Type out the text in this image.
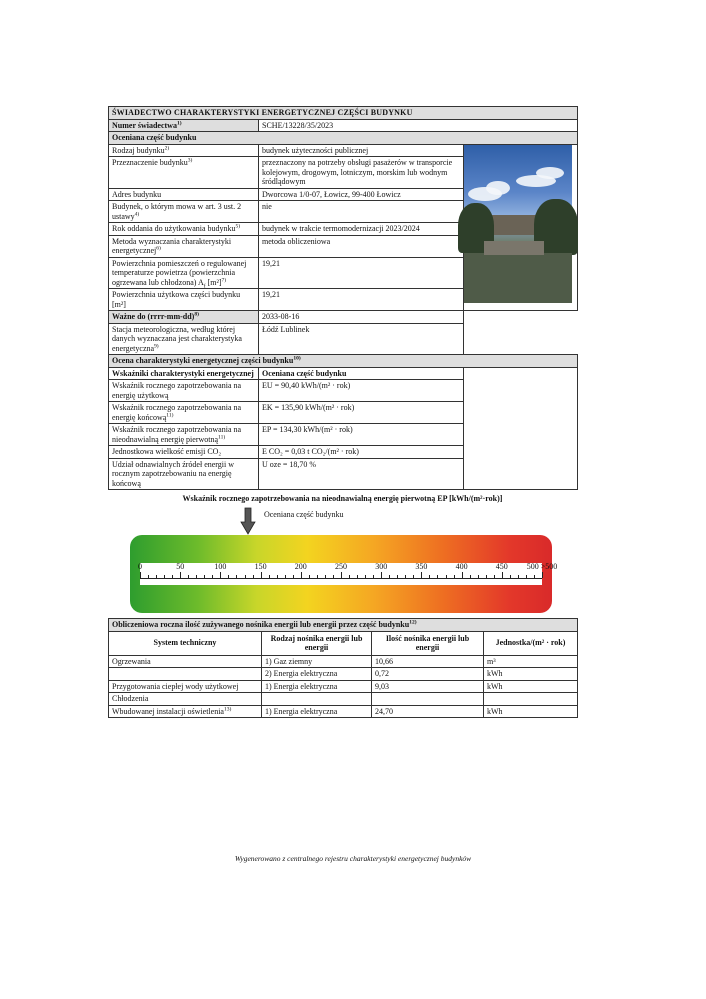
ŚWIADECTWO CHARAKTERYSTYKI ENERGETYCZNEJ CZĘŚCI BUDYNKU		
Numer świadectwa$^{1)}$	SCHE/13228/35/2023	
Oceniana część budynku		
Rodzaj budynku$^{2)}$	budynek użyteczności publicznej	

Przeznaczenie budynku$^{3)}$	przeznaczony na potrzeby obsługi pasażerów w transporcie kolejowym, drogowym, lotniczym, morskim lub wodnym śródlądowym	
Adres budynku	Dworcowa 1/0-07, Łowicz, 99-400 Łowicz	
Budynek, o którym mowa w art. 3 ust. 2 ustawy$^{4)}$	nie	
Rok oddania do użytkowania budynku$^{5)}$	budynek w trakcie termomodernizacji 2023/2024	
Metoda wyznaczania charakterystyki energetycznej$^{6)}$	metoda obliczeniowa	
Powierzchnia pomieszczeń o regulowanej temperaturze powietrza (powierzchnia ogrzewana lub chłodzona) $A_f$ $[m^2]^{7)}$	19,21	
Powierzchnia użytkowa części budynku [m²]	19,21	
Ważne do (rrrr-mm-dd)$^{8)}$	2033-08-16	
Stacja meteorologiczna, według której danych wyznaczana jest charakterystyka energetyczna$^{9)}$	Łódź Lublinek	
Ocena charakterystyki energetycznej części budynku$^{10)}$
Wskaźniki charakterystyki energetycznej	Oceniana część budynku	
Wskaźnik rocznego zapotrzebowania na energię użytkową	EU = 90,40 kWh/(m² · rok)	
Wskaźnik rocznego zapotrzebowania na energię końcową$^{11)}$	EK = 135,90 kWh/(m² · rok)	
Wskaźnik rocznego zapotrzebowania na nieodnawialną energię pierwotną$^{11)}$	EP = 134,30 kWh/(m² · rok)	
Jednostkowa wielkość emisji CO₂	E CO₂ = 0,03 t CO₂/(m² · rok)	
Udział odnawialnych źródeł energii w rocznym zapotrzebowaniu na energię końcową	U oze = 18,70 %	
Wskaźnik rocznego zapotrzebowania na nieodnawialną energię pierwotną EP [kWh/(m²·rok)]
Oceniana część budynku
0	50	100	150	200	250	300	350	400	450 500 >500
Obliczeniowa roczna ilość zużywanego nośnika energii lub energii przez część budynku$^{12)}$
System techniczny	Rodzaj nośnika energii lub energii	Ilość nośnika energii lub energii	Jednostka/(m² · rok)
Ogrzewania	1) Gaz ziemny	10,66	m³
	2) Energia elektryczna	0,72	kWh
Przygotowania ciepłej wody użytkowej	1) Energia elektryczna	9,03	kWh
Chłodzenia			
Wbudowanej instalacji oświetlenia$^{13)}$	1) Energia elektryczna	24,70	kWh
Wygenerowano z centralnego rejestru charakterystyki energetycznej budynków
